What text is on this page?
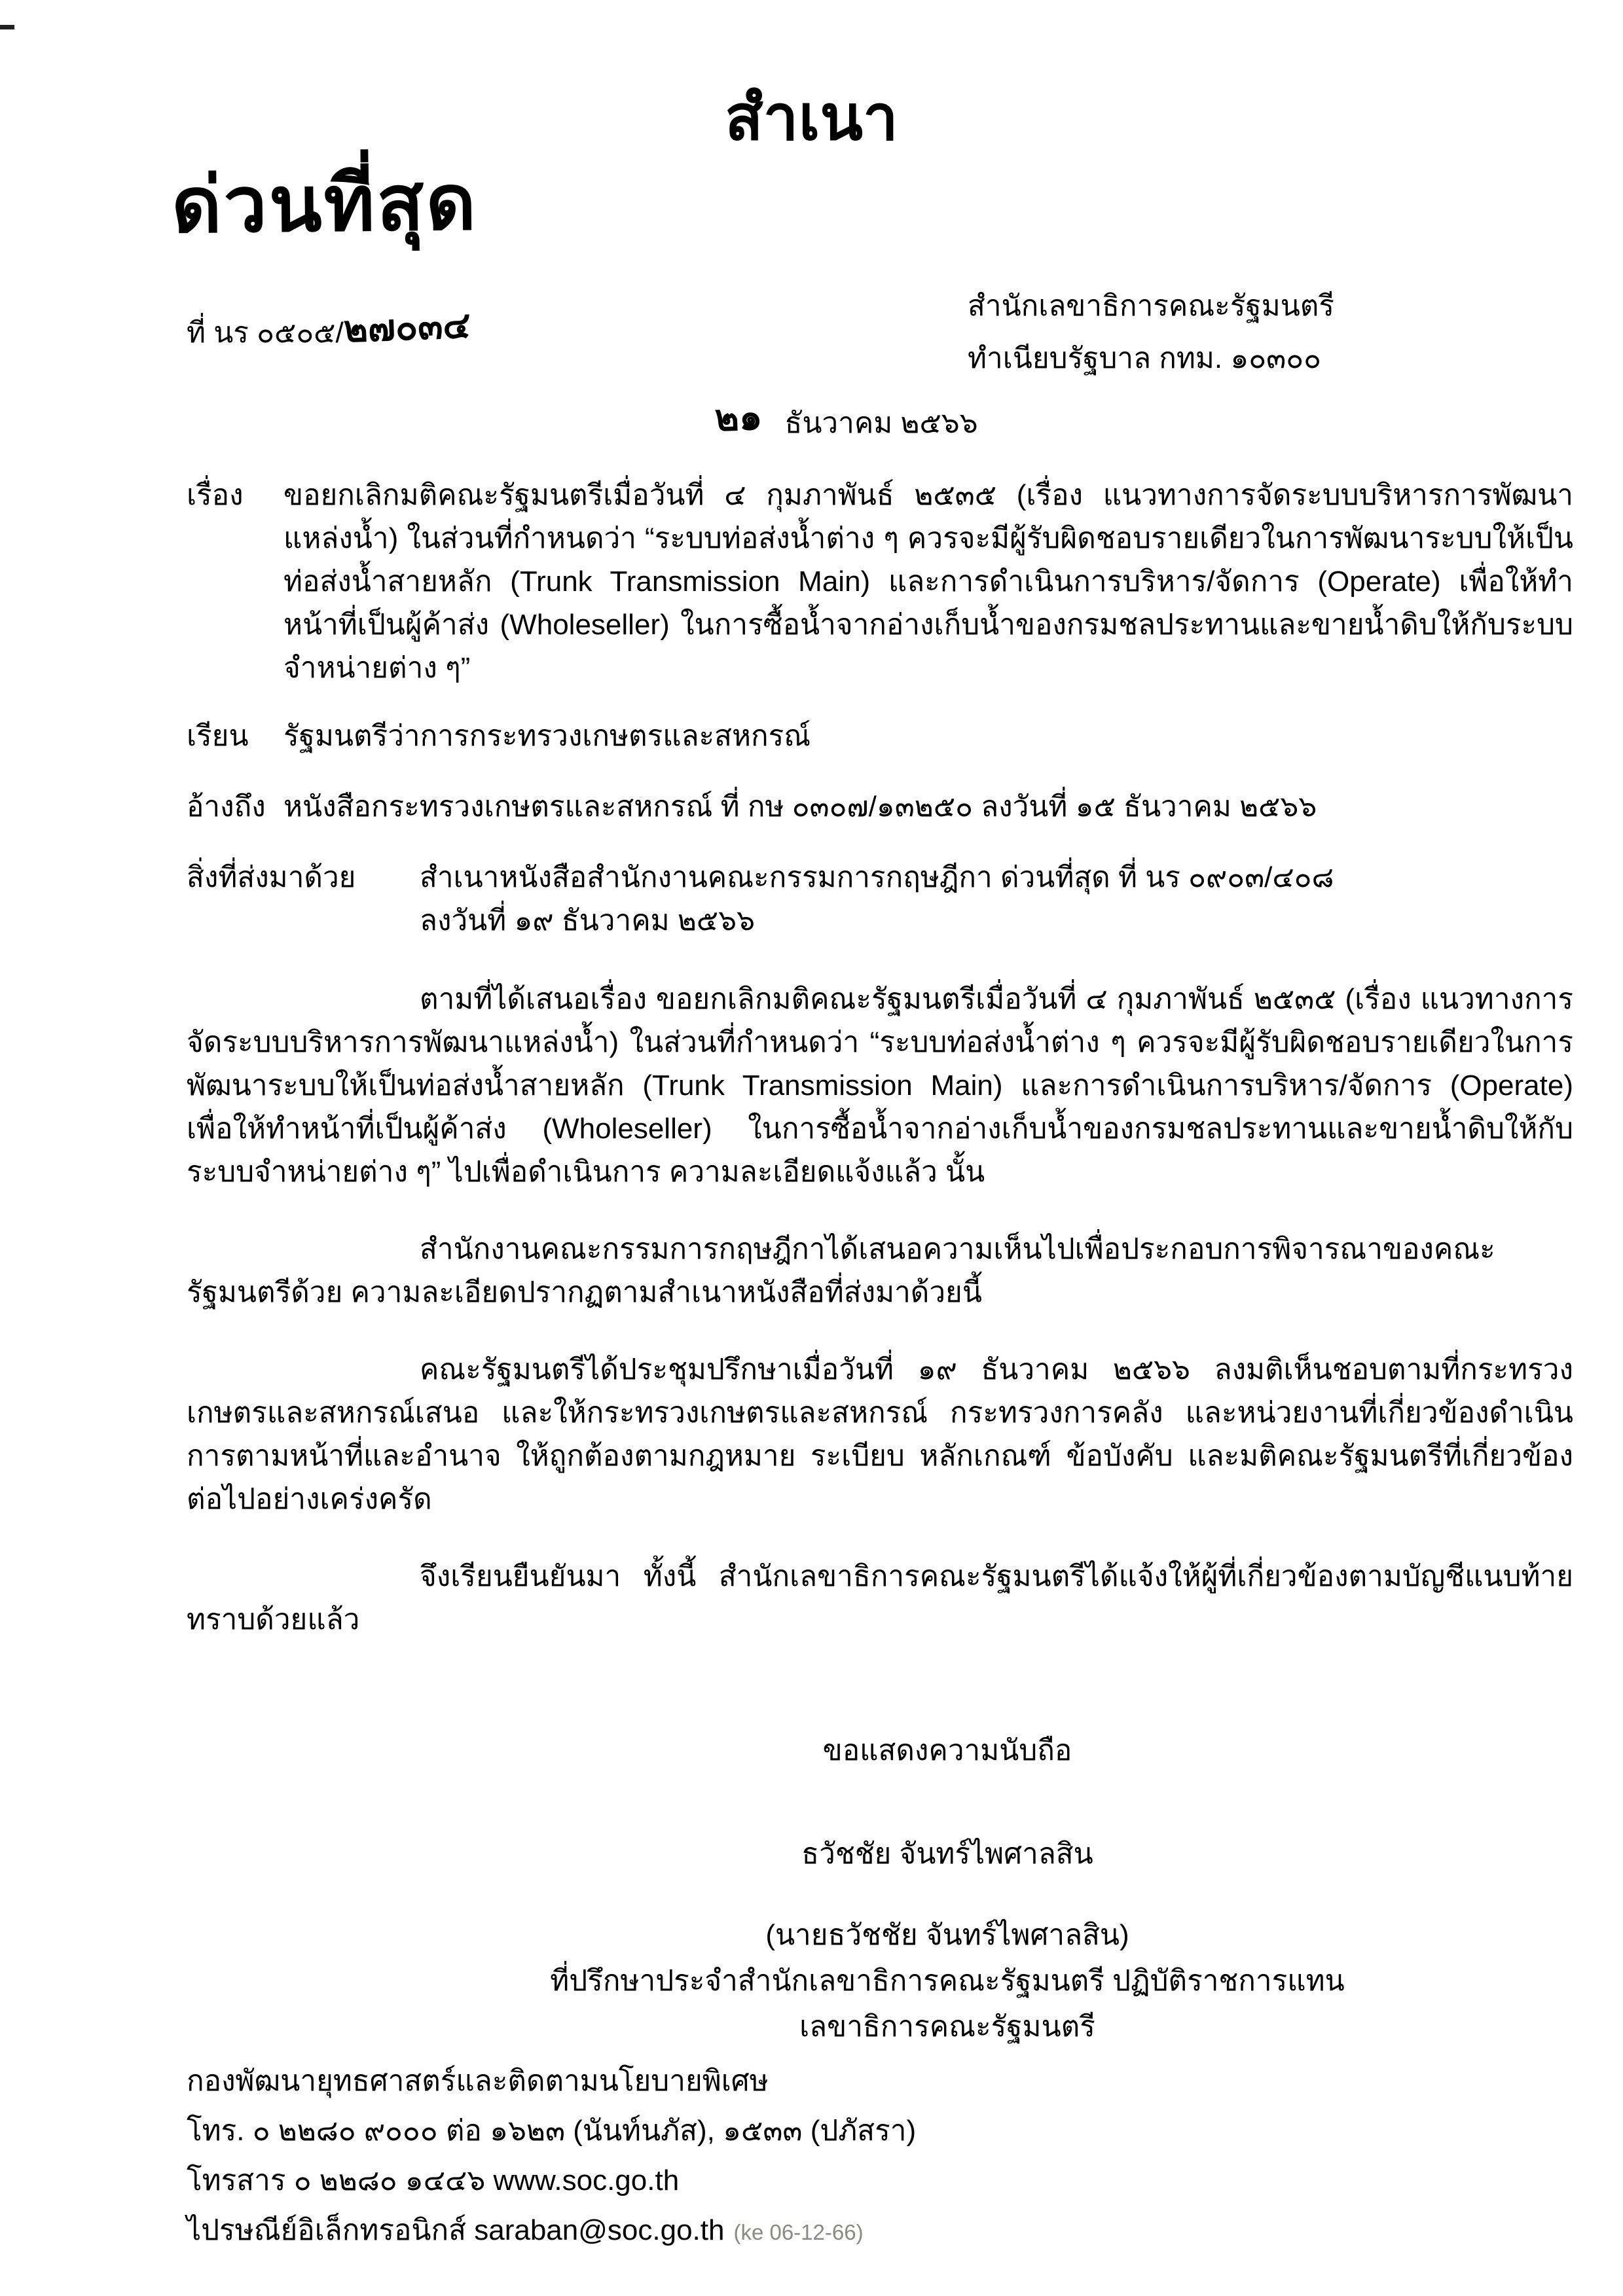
สำเนา
ด่วนที่สุด
ที่ นร ๐๕๐๕/๒๗๐๓๔	สำนักเลขาธิการคณะรัฐมนตรี
ทำเนียบรัฐบาล กทม. ๑๐๓๐๐
๒๑ ธันวาคม ๒๕๖๖
เรื่อง	ขอยกเลิกมติคณะรัฐมนตรีเมื่อวันที่ ๔ กุมภาพันธ์ ๒๕๓๕ (เรื่อง แนวทางการจัดระบบบริหารการพัฒนาแหล่งน้ำ) ในส่วนที่กำหนดว่า “ระบบท่อส่งน้ำต่าง ๆ ควรจะมีผู้รับผิดชอบรายเดียวในการพัฒนาระบบให้เป็นท่อส่งน้ำสายหลัก (Trunk Transmission Main) และการดำเนินการบริหาร/จัดการ (Operate) เพื่อให้ทำหน้าที่เป็นผู้ค้าส่ง (Wholeseller) ในการซื้อน้ำจากอ่างเก็บน้ำของกรมชลประทานและขายน้ำดิบให้กับระบบจำหน่ายต่าง ๆ”
เรียน	รัฐมนตรีว่าการกระทรวงเกษตรและสหกรณ์
อ้างถึง หนังสือกระทรวงเกษตรและสหกรณ์ ที่ กษ ๐๓๐๗/๑๓๒๕๐ ลงวันที่ ๑๕ ธันวาคม ๒๕๖๖
สิ่งที่ส่งมาด้วย	สำเนาหนังสือสำนักงานคณะกรรมการกฤษฎีกา ด่วนที่สุด ที่ นร ๐๙๐๓/๔๐๘
ลงวันที่ ๑๙ ธันวาคม ๒๕๖๖

ตามที่ได้เสนอเรื่อง ขอยกเลิกมติคณะรัฐมนตรีเมื่อวันที่ ๔ กุมภาพันธ์ ๒๕๓๕ (เรื่อง แนวทางการจัดระบบบริหารการพัฒนาแหล่งน้ำ) ในส่วนที่กำหนดว่า “ระบบท่อส่งน้ำต่าง ๆ ควรจะมีผู้รับผิดชอบรายเดียวในการพัฒนาระบบให้เป็นท่อส่งน้ำสายหลัก (Trunk Transmission Main) และการดำเนินการบริหาร/จัดการ (Operate) เพื่อให้ทำหน้าที่เป็นผู้ค้าส่ง (Wholeseller) ในการซื้อน้ำจากอ่างเก็บน้ำของกรมชลประทานและขายน้ำดิบให้กับระบบจำหน่ายต่าง ๆ” ไปเพื่อดำเนินการ ความละเอียดแจ้งแล้ว นั้น

สำนักงานคณะกรรมการกฤษฎีกาได้เสนอความเห็นไปเพื่อประกอบการพิจารณาของคณะรัฐมนตรีด้วย ความละเอียดปรากฏตามสำเนาหนังสือที่ส่งมาด้วยนี้

คณะรัฐมนตรีได้ประชุมปรึกษาเมื่อวันที่ ๑๙ ธันวาคม ๒๕๖๖ ลงมติเห็นชอบตามที่กระทรวงเกษตรและสหกรณ์เสนอ และให้กระทรวงเกษตรและสหกรณ์ กระทรวงการคลัง และหน่วยงานที่เกี่ยวข้องดำเนินการตามหน้าที่และอำนาจ ให้ถูกต้องตามกฎหมาย ระเบียบ หลักเกณฑ์ ข้อบังคับ และมติคณะรัฐมนตรีที่เกี่ยวข้องต่อไปอย่างเคร่งครัด

จึงเรียนยืนยันมา ทั้งนี้ สำนักเลขาธิการคณะรัฐมนตรีได้แจ้งให้ผู้ที่เกี่ยวข้องตามบัญชีแนบท้ายทราบด้วยแล้ว

ขอแสดงความนับถือ
ธวัชชัย จันทร์ไพศาลสิน
(นายธวัชชัย จันทร์ไพศาลสิน)
ที่ปรึกษาประจำสำนักเลขาธิการคณะรัฐมนตรี ปฏิบัติราชการแทน
เลขาธิการคณะรัฐมนตรี
กองพัฒนายุทธศาสตร์และติดตามนโยบายพิเศษ
โทร. ๐ ๒๒๘๐ ๙๐๐๐ ต่อ ๑๖๒๓ (นันท์นภัส), ๑๕๓๓ (ปภัสรา)
โทรสาร ๐ ๒๒๘๐ ๑๔๔๖ www.soc.go.th
ไปรษณีย์อิเล็กทรอนิกส์ saraban@soc.go.th (ke 06-12-66)
